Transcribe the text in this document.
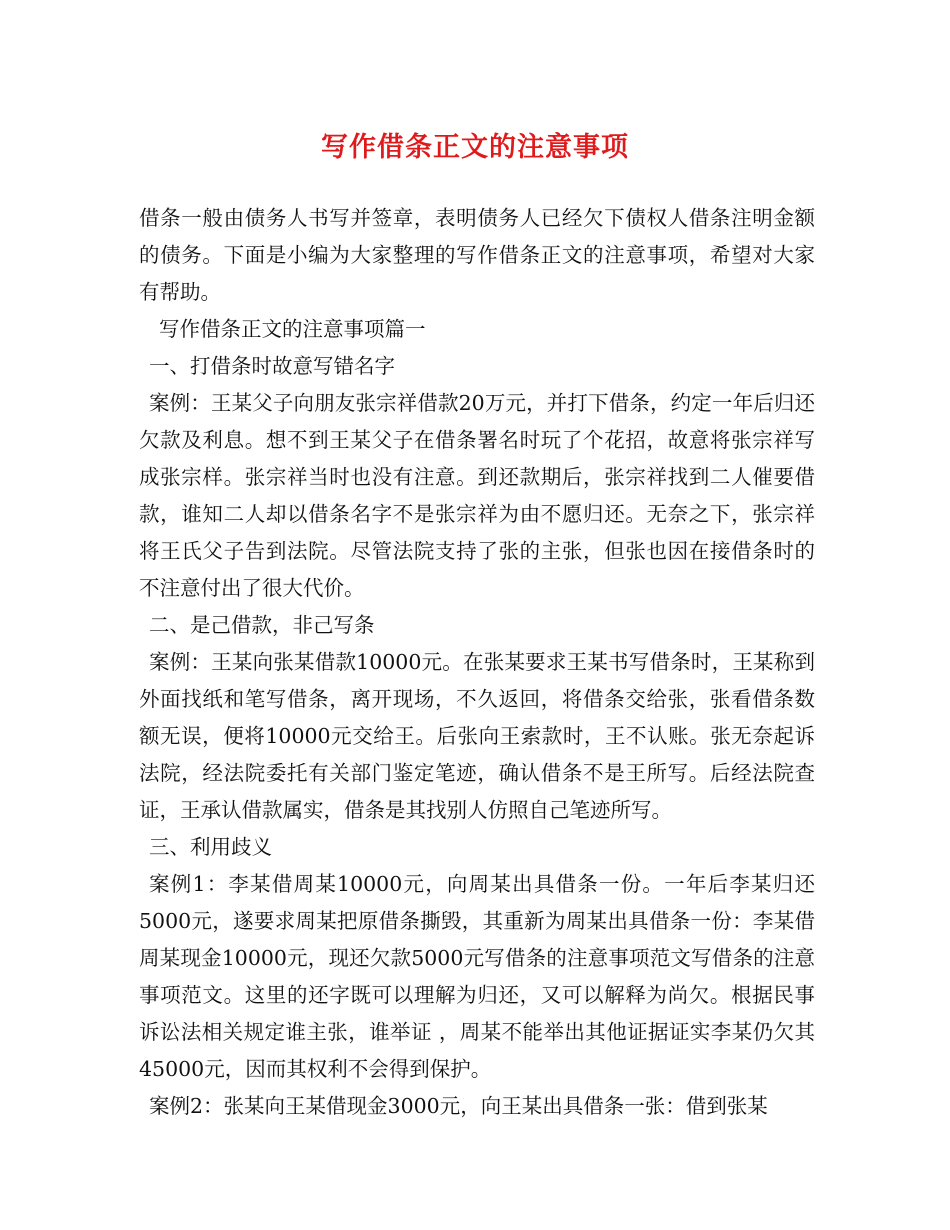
写作借条正文的注意事项

借条一般由债务人书写并签章，表明债务人已经欠下债权人借条注明金额的债务。下面是小编为大家整理的写作借条正文的注意事项，希望对大家有帮助。

写作借条正文的注意事项篇一

一、打借条时故意写错名字

案例：王某父子向朋友张宗祥借款20万元，并打下借条，约定一年后归还欠款及利息。想不到王某父子在借条署名时玩了个花招，故意将张宗祥写成张宗样。张宗祥当时也没有注意。到还款期后，张宗祥找到二人催要借款，谁知二人却以借条名字不是张宗祥为由不愿归还。无奈之下，张宗祥将王氏父子告到法院。尽管法院支持了张的主张，但张也因在接借条时的不注意付出了很大代价。

二、是己借款，非己写条

案例：王某向张某借款10000元。在张某要求王某书写借条时，王某称到外面找纸和笔写借条，离开现场，不久返回，将借条交给张，张看借条数额无误，便将10000元交给王。后张向王索款时，王不认账。张无奈起诉法院，经法院委托有关部门鉴定笔迹，确认借条不是王所写。后经法院查证，王承认借款属实，借条是其找别人仿照自己笔迹所写。

三、利用歧义

案例1：李某借周某10000元，向周某出具借条一份。一年后李某归还5000元，遂要求周某把原借条撕毁，其重新为周某出具借条一份：李某借周某现金10000元，现还欠款5000元写借条的注意事项范文写借条的注意事项范文。这里的还字既可以理解为归还，又可以解释为尚欠。根据民事诉讼法相关规定谁主张，谁举证 ，周某不能举出其他证据证实李某仍欠其45000元，因而其权利不会得到保护。

案例2：张某向王某借现金3000元，向王某出具借条一张：借到张某
